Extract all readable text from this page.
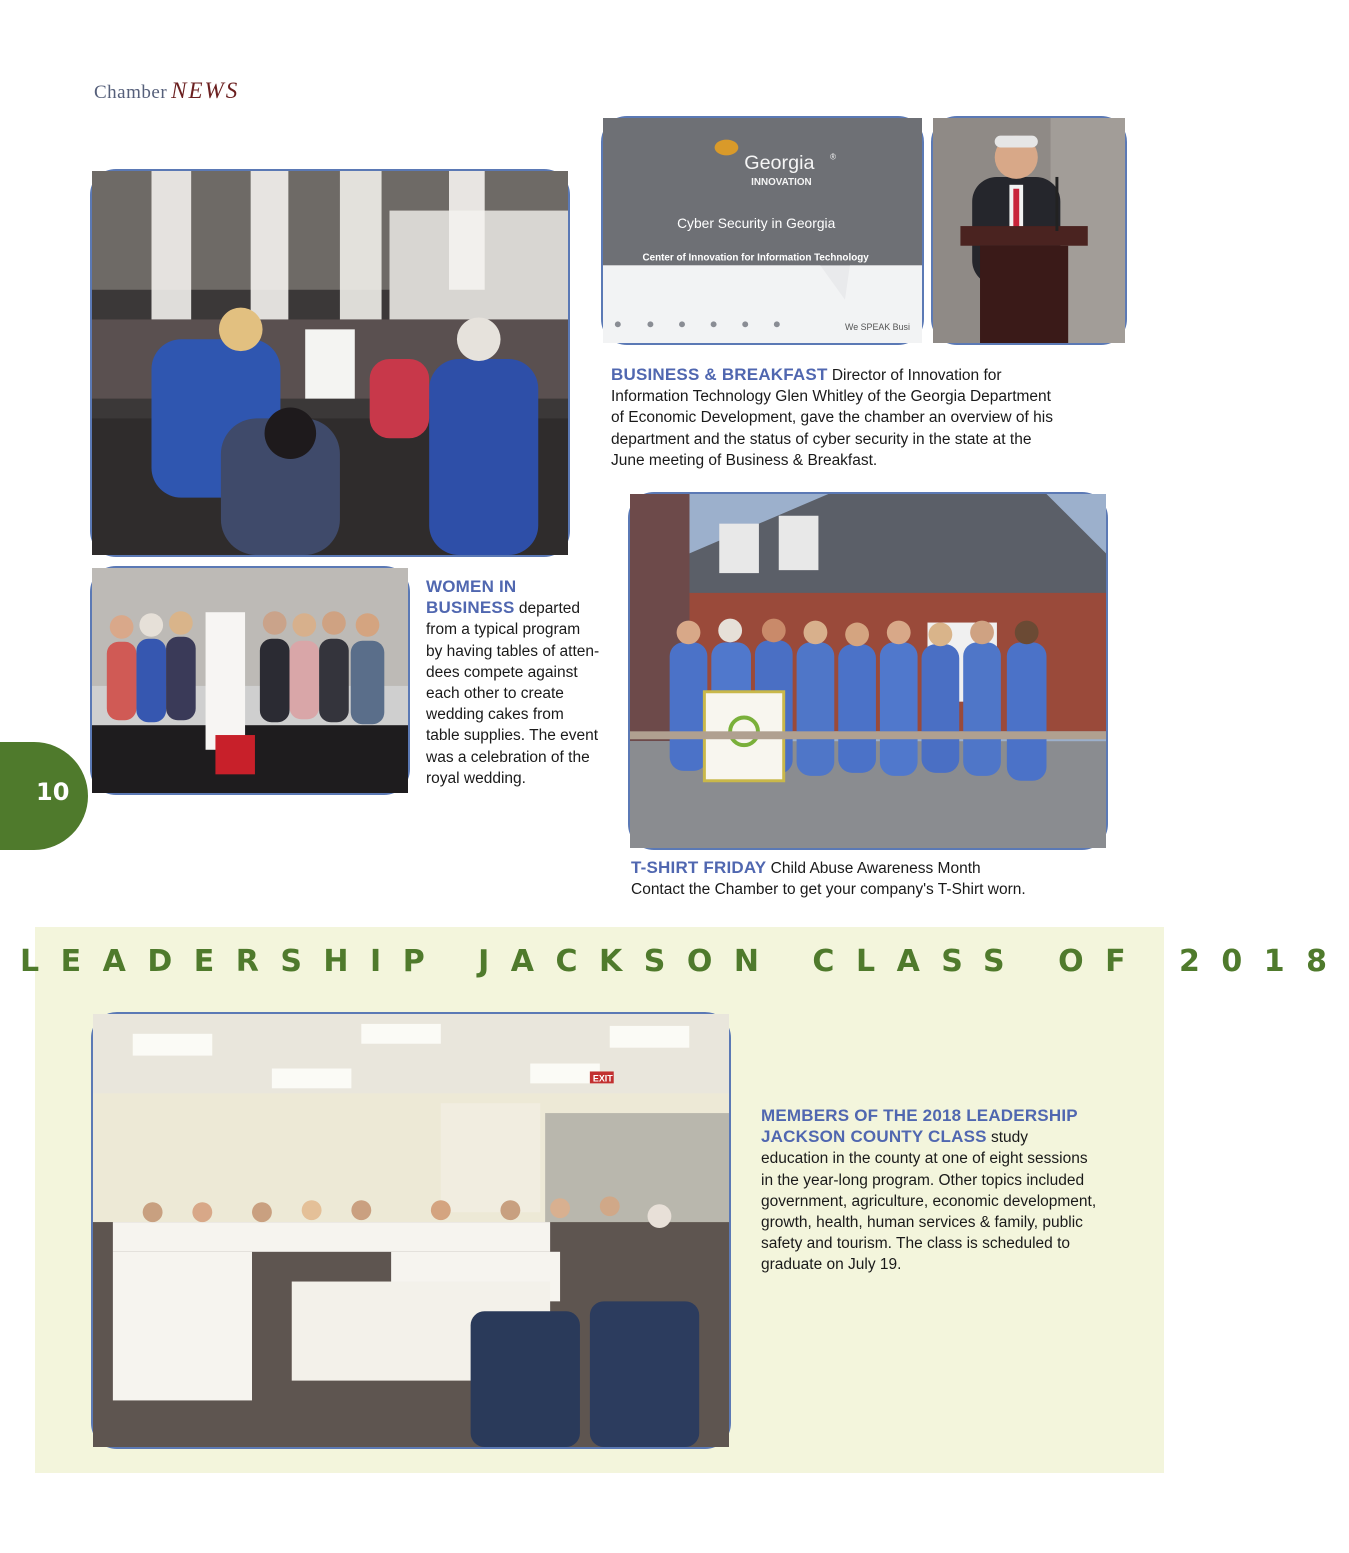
Chamber NEWS
10
Georgia ®
INNOVATION
Cyber Security in Georgia
Center of Innovation for Information Technology
We SPEAK Busi
BUSINESS & BREAKFAST Director of Innovation for
Information Technology Glen Whitley of the Georgia Department
of Economic Development, gave the chamber an overview of his
department and the status of cyber security in the state at the
June meeting of Business & Breakfast.
WOMEN IN
BUSINESS departed
from a typical program
by having tables of atten-
dees compete against
each other to create
wedding cakes from
table supplies. The event
was a celebration of the
royal wedding.
T-SHIRT FRIDAY Child Abuse Awareness Month
Contact the Chamber to get your company's T-Shirt worn.
LEADERSHIP JACKSON CLASS OF 2018
EXIT
MEMBERS OF THE 2018 LEADERSHIP
JACKSON COUNTY CLASS study
education in the county at one of eight sessions
in the year-long program. Other topics included
government, agriculture, economic development,
growth, health, human services & family, public
safety and tourism. The class is scheduled to
graduate on July 19.
